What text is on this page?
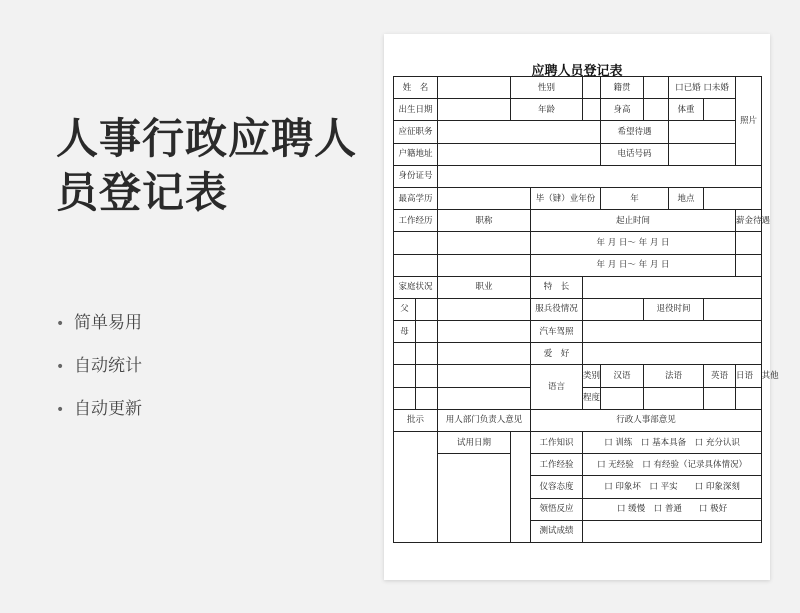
人事行政应聘人员登记表
• 简单易用
• 自动统计
• 自动更新
应聘人员登记表
姓　名			性别			籍贯		口已婚 口未婚		照片
出生日期			年龄			身高		体重		
应征职务						希望待遇				
户籍地址						电话号码				
身份证号										
最高学历				毕（肄）业年份		年		地点		
工作经历		职称		起止时间						薪金待遇
				年 月 日～ 年 月 日						
				年 月 日～ 年 月 日						
家庭状况		职业		特　长						
父				服兵役情况			退役时间			
母				汽车驾照						
				爱　好						
				语言	类别	汉语	法语		英语	日语　 其他
					程度					
批示		用人部门负责人意见		行政人事部意见						
		试用日期		工作知识	口 训练　口 基本具备　口 充分认识					
				工作经验	口 无经验　口 有经验（记录具体情况）					
				仪容态度	口 印象坏　口 平实　　口 印象深刻					
				领悟反应	口 缓慢　口 普通　　口 极好					
				测试成绩						
